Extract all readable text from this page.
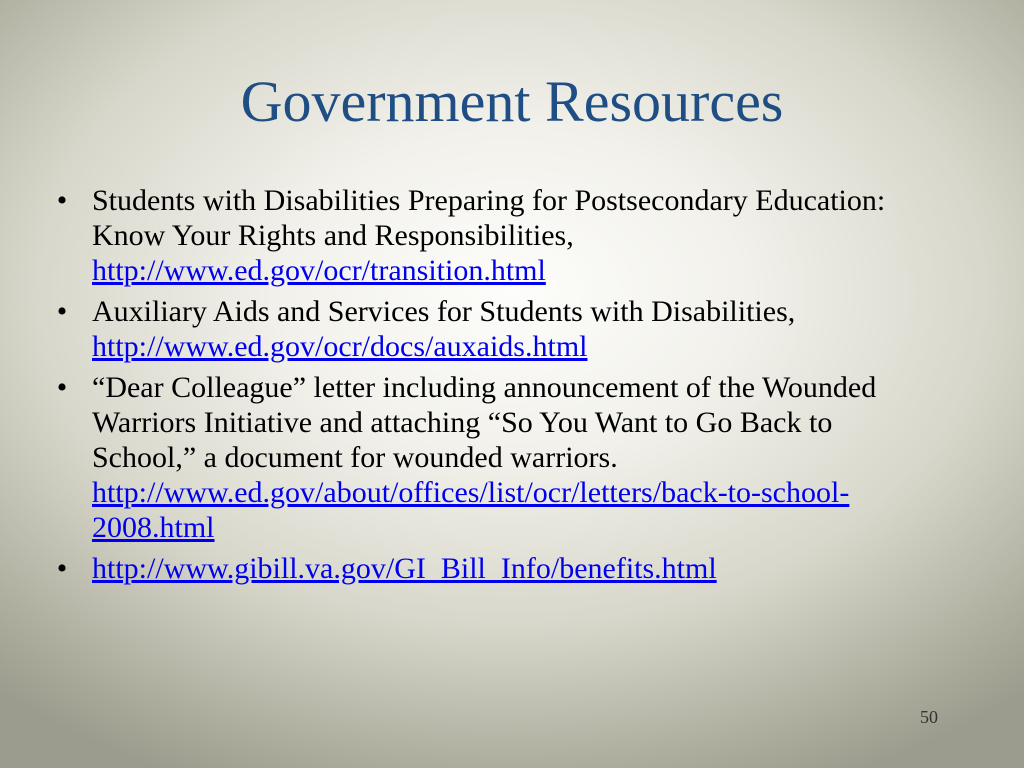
Government Resources
• Students with Disabilities Preparing for Postsecondary Education: Know Your Rights and Responsibilities, http://www.ed.gov/ocr/transition.html
• Auxiliary Aids and Services for Students with Disabilities, http://www.ed.gov/ocr/docs/auxaids.html
• “Dear Colleague” letter including announcement of the Wounded Warriors Initiative and attaching “So You Want to Go Back to School,” a document for wounded warriors. http://www.ed.gov/about/offices/list/ocr/letters/back-to-school-2008.html
• http://www.gibill.va.gov/GI_Bill_Info/benefits.html
50
